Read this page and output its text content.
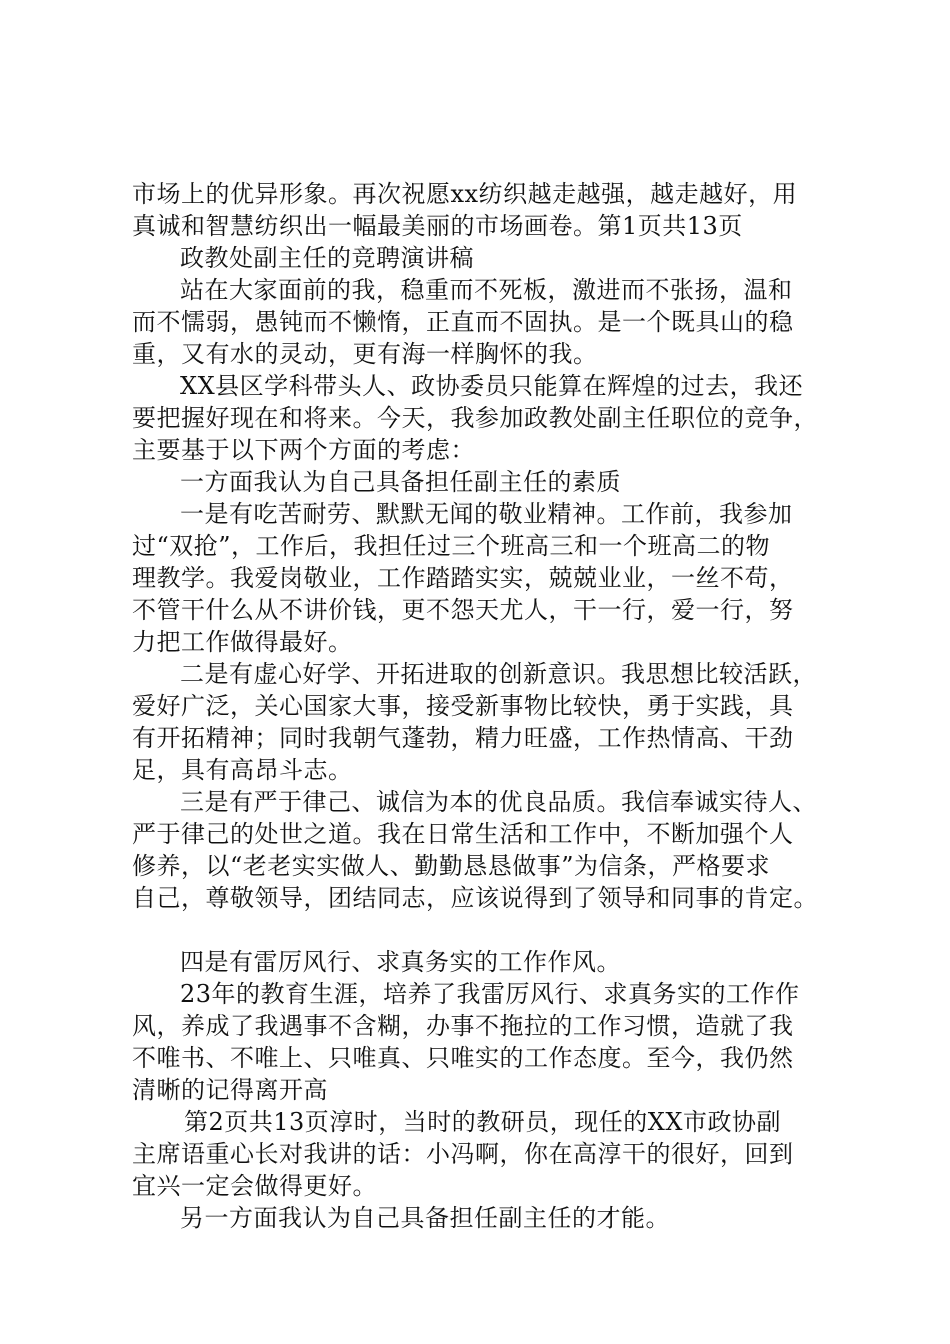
市场上的优异形象。再次祝愿xx纺织越走越强，越走越好，用

真诚和智慧纺织出一幅最美丽的市场画卷。第1页共13页

政教处副主任的竞聘演讲稿

站在大家面前的我，稳重而不死板，激进而不张扬，温和

而不懦弱，愚钝而不懒惰，正直而不固执。是一个既具山的稳

重，又有水的灵动，更有海一样胸怀的我。

XX县区学科带头人、政协委员只能算在辉煌的过去，我还

要把握好现在和将来。今天，我参加政教处副主任职位的竞争，

主要基于以下两个方面的考虑：

一方面我认为自己具备担任副主任的素质

一是有吃苦耐劳、默默无闻的敬业精神。工作前，我参加

过“双抢”，工作后，我担任过三个班高三和一个班高二的物

理教学。我爱岗敬业，工作踏踏实实，兢兢业业，一丝不苟，

不管干什么从不讲价钱，更不怨天尤人，干一行，爱一行，努

力把工作做得最好。

二是有虚心好学、开拓进取的创新意识。我思想比较活跃，

爱好广泛，关心国家大事，接受新事物比较快，勇于实践，具

有开拓精神；同时我朝气蓬勃，精力旺盛，工作热情高、干劲

足，具有高昂斗志。

三是有严于律己、诚信为本的优良品质。我信奉诚实待人、

严于律己的处世之道。我在日常生活和工作中，不断加强个人

修养，以“老老实实做人、勤勤恳恳做事”为信条，严格要求

自己，尊敬领导，团结同志，应该说得到了领导和同事的肯定。

四是有雷厉风行、求真务实的工作作风。

23年的教育生涯，培养了我雷厉风行、求真务实的工作作

风，养成了我遇事不含糊，办事不拖拉的工作习惯，造就了我

不唯书、不唯上、只唯真、只唯实的工作态度。至今，我仍然

清晰的记得离开高

第2页共13页淳时，当时的教研员，现任的XX市政协副

主席语重心长对我讲的话：小冯啊，你在高淳干的很好，回到

宜兴一定会做得更好。

另一方面我认为自己具备担任副主任的才能。
